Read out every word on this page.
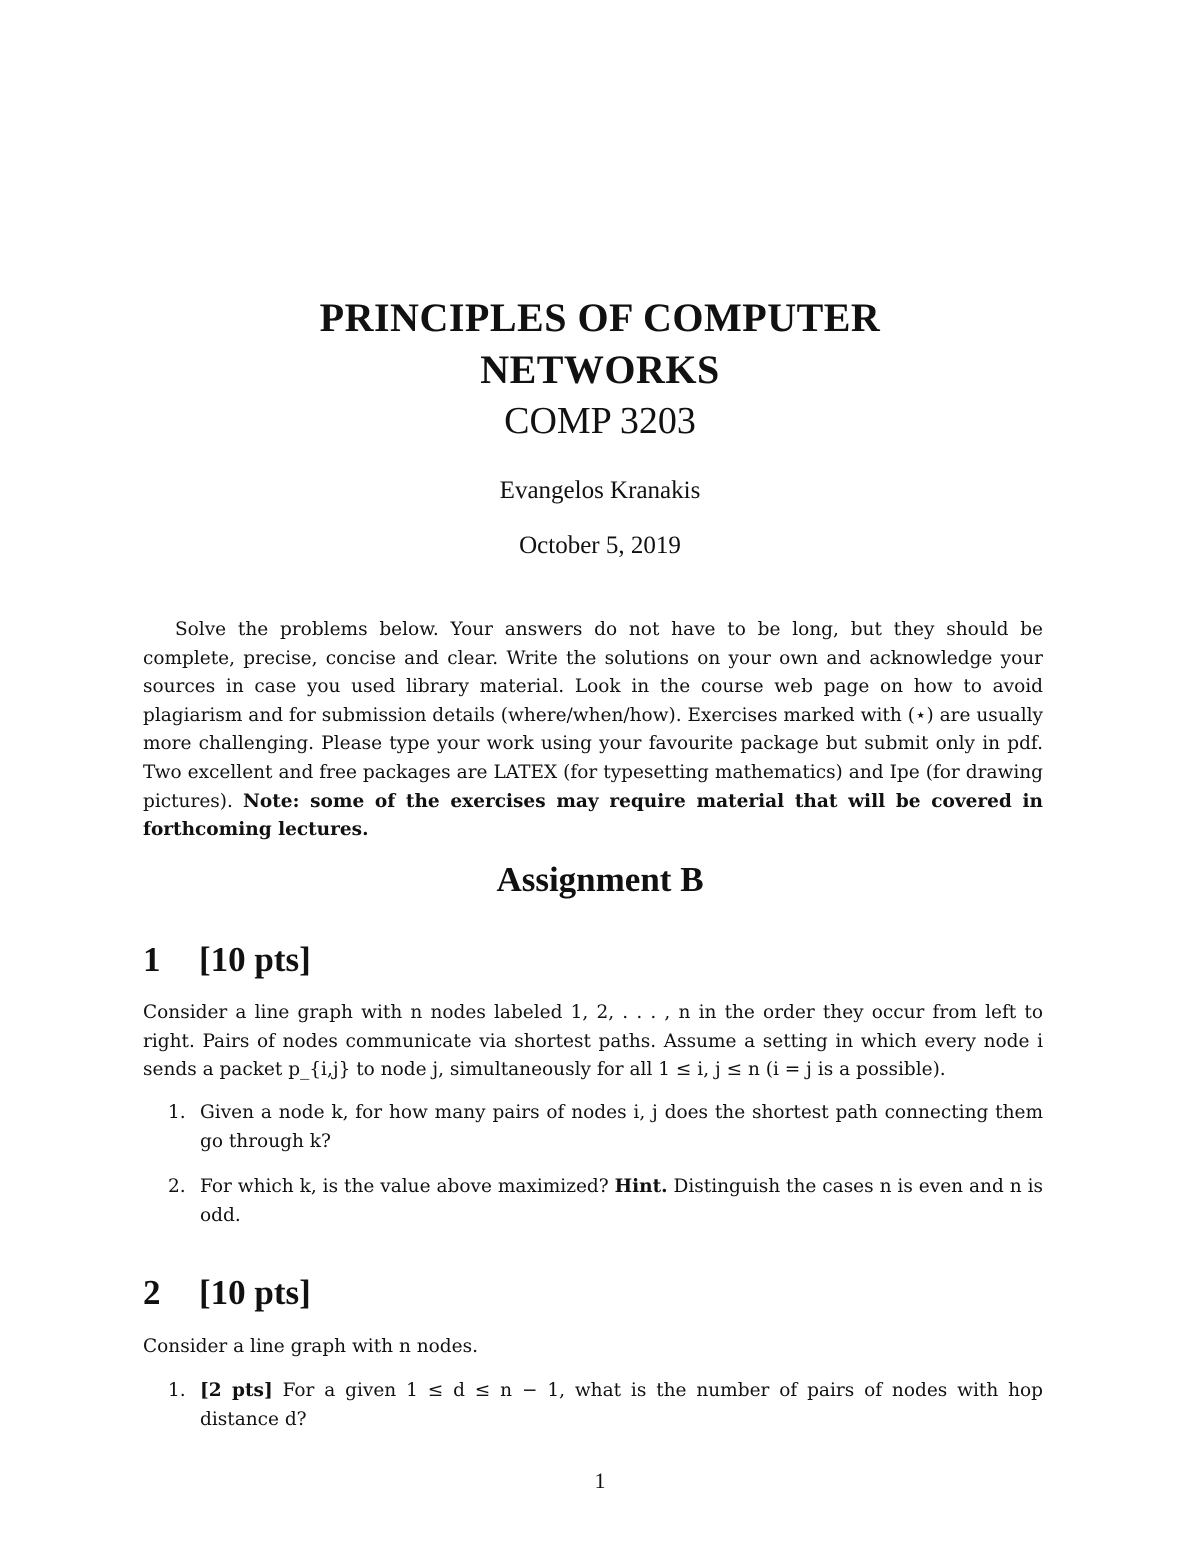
PRINCIPLES OF COMPUTER

NETWORKS

COMP 3203

Evangelos Kranakis
October 5, 2019

Solve the problems below. Your answers do not have to be long, but they should be complete, precise, concise and clear. Write the solutions on your own and acknowledge your sources in case you used library material. Look in the course web page on how to avoid plagiarism and for submission details (where/when/how). Exercises marked with (⋆) are usually more challenging. Please type your work using your favourite package but submit only in pdf. Two excellent and free packages are LATEX (for typesetting mathematics) and Ipe (for drawing pictures). Note: some of the exercises may require material that will be covered in forthcoming lectures.

Assignment B
1 [10 pts]

Consider a line graph with n nodes labeled 1, 2, . . . , n in the order they occur from left to right. Pairs of nodes communicate via shortest paths. Assume a setting in which every node i sends a packet p_{i,j} to node j, simultaneously for all 1 ≤ i, j ≤ n (i = j is a possible).

1. Given a node k, for how many pairs of nodes i, j does the shortest path connecting them go through k?
2. For which k, is the value above maximized? Hint. Distinguish the cases n is even and n is odd.
2 [10 pts]

Consider a line graph with n nodes.

1. [2 pts] For a given 1 ≤ d ≤ n − 1, what is the number of pairs of nodes with hop distance d?
1
